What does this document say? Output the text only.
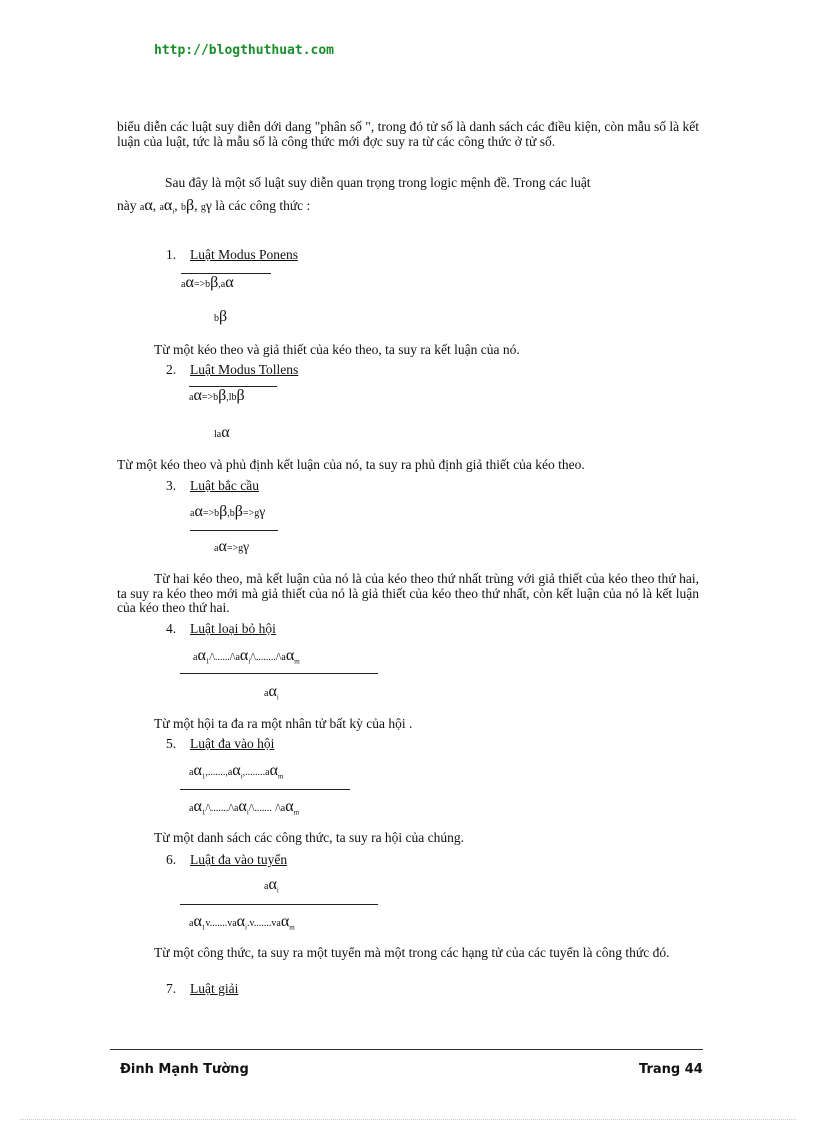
http://blogthuthuat.com
biểu diễn các luật suy diễn dới dang "phân số ", trong đó tử số là danh sách các điều kiện, còn mẫu số là kết luận của luật, tức là mẫu số là công thức mới đợc suy ra từ các công thức ở tử số.
Sau đây là một số luật suy diễn quan trọng trong logic mệnh đề. Trong các luật
này aα, $a\alpha_i$, bβ, gγ là các công thức :
1. Luật Modus Ponens
aα=>bβ,aα
bβ
Từ một kéo theo và giả thiết của kéo theo, ta suy ra kết luận của nó.
2. Luật Modus Tollens
aα=>bβ,lbβ
laα
Từ một kéo theo và phủ định kết luận của nó, ta suy ra phủ định giả thiết của kéo theo.
3. Luật bắc cầu
aα=>bβ,bβ=>gγ
aα=>gγ
Từ hai kéo theo, mà kết luận của nó là của kéo theo thứ nhất trùng với giả thiết của kéo theo thứ hai, ta suy ra kéo theo mới mà giả thiết của nó là giả thiết của kéo theo thứ nhất, còn kết luận của nó là kết luận của kéo theo thứ hai.
4. Luật loại bỏ hội
$a\alpha_1/\backslash....../\backslash a\alpha_i/\backslash......../\backslash a\alpha_m$
$a\alpha_i$
Từ một hội ta đa ra một nhân tử bất kỳ của hội .
5. Luật đa vào hội
$a\alpha_1,.......,a\alpha_i,........a\alpha_m$
$a\alpha_1/\backslash......./\backslash a\alpha_i/\backslash$....... $/\backslash a\alpha_m$
Từ một danh sách các công thức, ta suy ra hội của chúng.
6. Luật đa vào tuyển
$a\alpha_i$
$a\alpha_1v.......va\alpha_i.v.......va\alpha_m$
Từ một công thức, ta suy ra một tuyển mà một trong các hạng tử của các tuyển là công thức đó.
7. Luật giải
Đinh Mạnh Tường	Trang 44
